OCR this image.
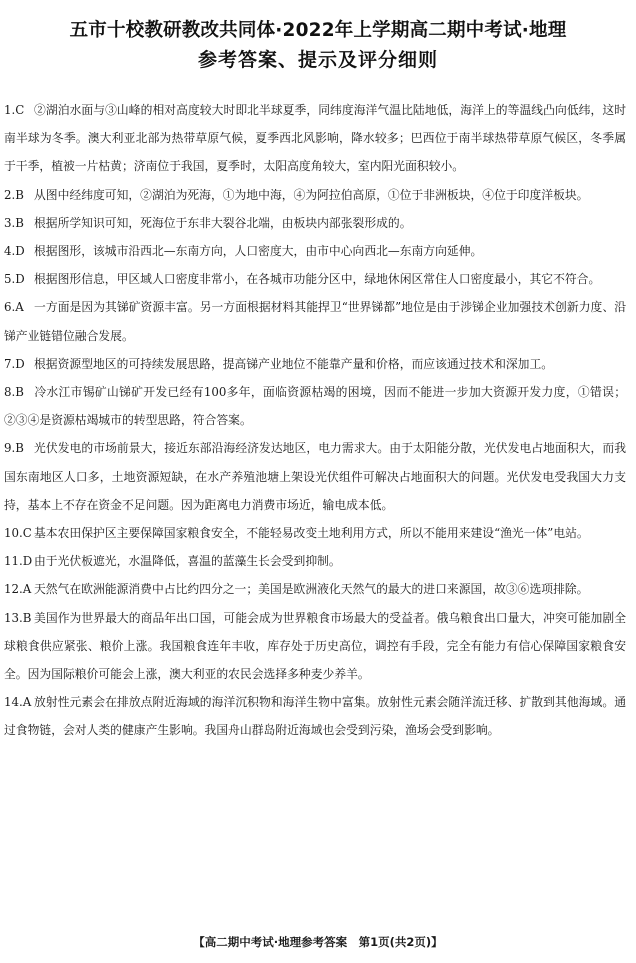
五市十校教研教改共同体·2022年上学期高二期中考试·地理
参考答案、提示及评分细则
1.C ②湖泊水面与③山峰的相对高度较大时即北半球夏季，同纬度海洋气温比陆地低，海洋上的等温线凸向低纬，这时南半球为冬季。澳大利亚北部为热带草原气候，夏季西北风影响，降水较多；巴西位于南半球热带草原气候区，冬季属于干季，植被一片枯黄；济南位于我国，夏季时，太阳高度角较大，室内阳光面积较小。
2.B 从图中经纬度可知，②湖泊为死海，①为地中海，④为阿拉伯高原，①位于非洲板块，④位于印度洋板块。
3.B 根据所学知识可知，死海位于东非大裂谷北端，由板块内部张裂形成的。
4.D 根据图形，该城市沿西北—东南方向，人口密度大，由市中心向西北—东南方向延伸。
5.D 根据图形信息，甲区域人口密度非常小，在各城市功能分区中，绿地休闲区常住人口密度最小，其它不符合。
6.A 一方面是因为其锑矿资源丰富。另一方面根据材料其能捍卫“世界锑都”地位是由于涉锑企业加强技术创新力度、沿锑产业链错位融合发展。
7.D 根据资源型地区的可持续发展思路，提高锑产业地位不能靠产量和价格，而应该通过技术和深加工。
8.B 冷水江市锡矿山锑矿开发已经有100多年，面临资源枯竭的困境，因而不能进一步加大资源开发力度，①错误；②③④是资源枯竭城市的转型思路，符合答案。
9.B 光伏发电的市场前景大，接近东部沿海经济发达地区，电力需求大。由于太阳能分散，光伏发电占地面积大，而我国东南地区人口多，土地资源短缺，在水产养殖池塘上架设光伏组件可解决占地面积大的问题。光伏发电受我国大力支持，基本上不存在资金不足问题。因为距离电力消费市场近，输电成本低。
10.C 基本农田保护区主要保障国家粮食安全，不能轻易改变土地利用方式，所以不能用来建设“渔光一体”电站。
11.D 由于光伏板遮光，水温降低，喜温的蓝藻生长会受到抑制。
12.A 天然气在欧洲能源消费中占比约四分之一；美国是欧洲液化天然气的最大的进口来源国，故③⑥选项排除。
13.B 美国作为世界最大的商品年出口国，可能会成为世界粮食市场最大的受益者。俄乌粮食出口量大，冲突可能加剧全球粮食供应紧张、粮价上涨。我国粮食连年丰收，库存处于历史高位，调控有手段，完全有能力有信心保障国家粮食安全。因为国际粮价可能会上涨，澳大利亚的农民会选择多种麦少养羊。
14.A 放射性元素会在排放点附近海域的海洋沉积物和海洋生物中富集。放射性元素会随洋流迁移、扩散到其他海域。通过食物链，会对人类的健康产生影响。我国舟山群岛附近海域也会受到污染，渔场会受到影响。
【高二期中考试·地理参考答案　第1页(共2页)】
